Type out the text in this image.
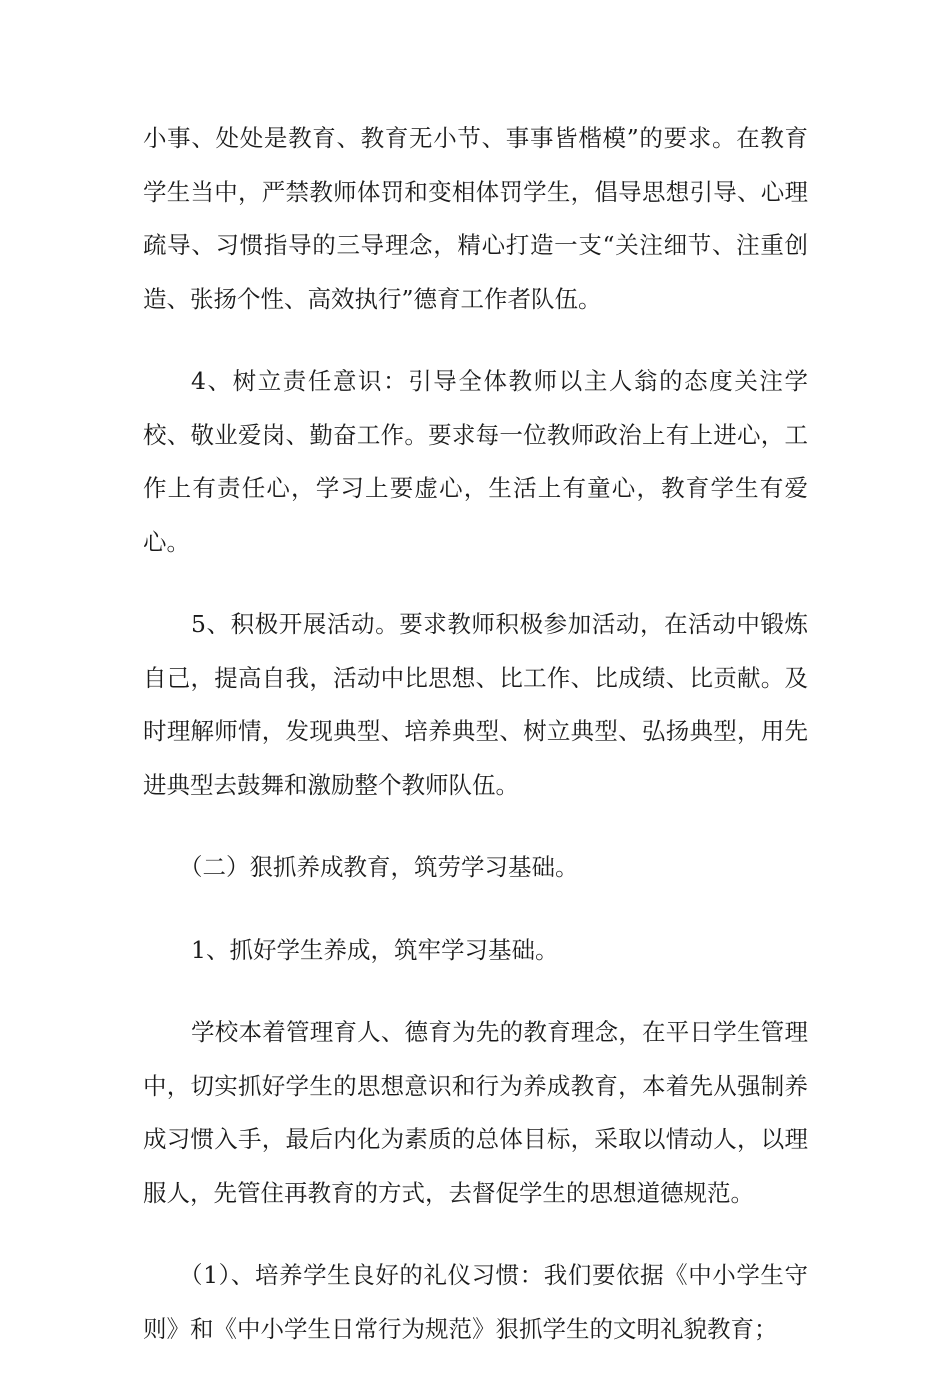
小事、处处是教育、教育无小节、事事皆楷模”的要求。在教育学生当中，严禁教师体罚和变相体罚学生，倡导思想引导、心理疏导、习惯指导的三导理念，精心打造一支“关注细节、注重创造、张扬个性、高效执行”德育工作者队伍。

4、树立责任意识：引导全体教师以主人翁的态度关注学校、敬业爱岗、勤奋工作。要求每一位教师政治上有上进心，工作上有责任心，学习上要虚心，生活上有童心，教育学生有爱心。

5、积极开展活动。要求教师积极参加活动，在活动中锻炼自己，提高自我，活动中比思想、比工作、比成绩、比贡献。及时理解师情，发现典型、培养典型、树立典型、弘扬典型，用先进典型去鼓舞和激励整个教师队伍。

（二）狠抓养成教育，筑劳学习基础。

1、抓好学生养成，筑牢学习基础。

学校本着管理育人、德育为先的教育理念，在平日学生管理中，切实抓好学生的思想意识和行为养成教育，本着先从强制养成习惯入手，最后内化为素质的总体目标，采取以情动人，以理服人，先管住再教育的方式，去督促学生的思想道德规范。

（1）、培养学生良好的礼仪习惯：我们要依据《中小学生守则》和《中小学生日常行为规范》狠抓学生的文明礼貌教育；
